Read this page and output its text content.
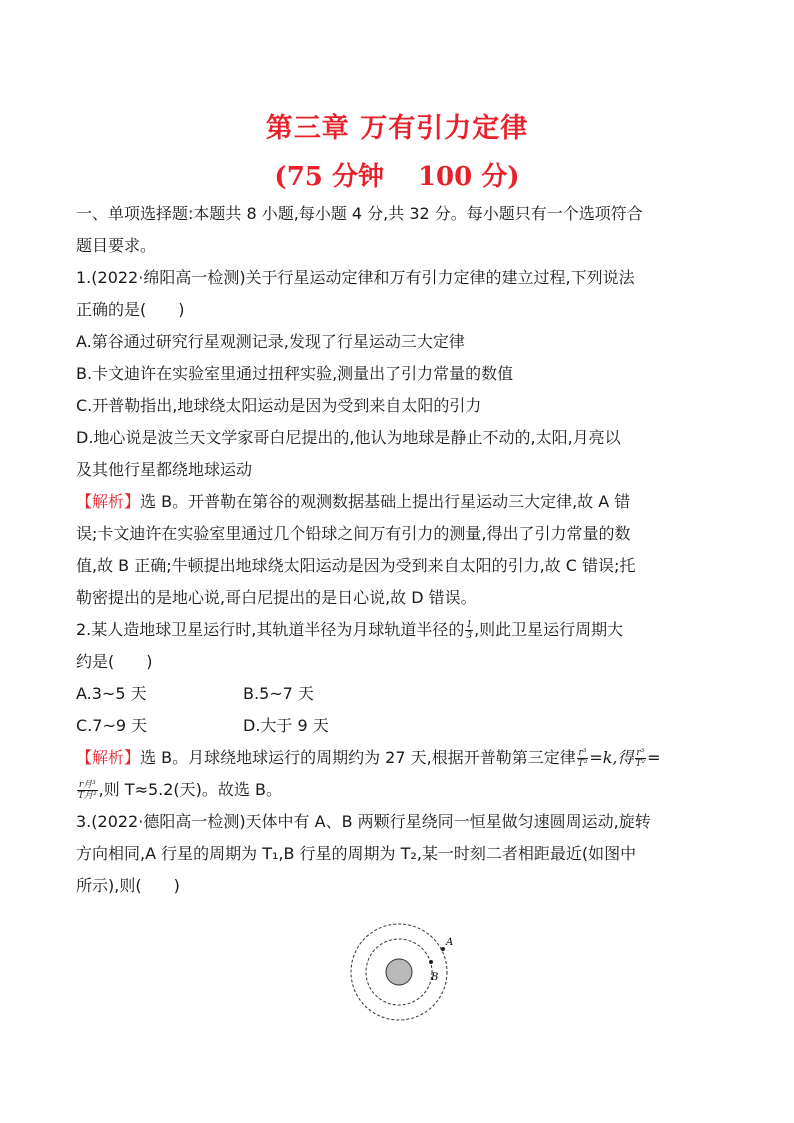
第三章 万有引力定律
(75 分钟 100 分)
一、单项选择题:本题共 8 小题,每小题 4 分,共 32 分。每小题只有一个选项符合
题目要求。
1.(2022·绵阳高一检测)关于行星运动定律和万有引力定律的建立过程,下列说法
正确的是(　　)
A.第谷通过研究行星观测记录,发现了行星运动三大定律
B.卡文迪许在实验室里通过扭秤实验,测量出了引力常量的数值
C.开普勒指出,地球绕太阳运动是因为受到来自太阳的引力
D.地心说是波兰天文学家哥白尼提出的,他认为地球是静止不动的,太阳,月亮以
及其他行星都绕地球运动
【解析】选 B。开普勒在第谷的观测数据基础上提出行星运动三大定律,故 A 错
误;卡文迪许在实验室里通过几个铅球之间万有引力的测量,得出了引力常量的数
值,故 B 正确;牛顿提出地球绕太阳运动是因为受到来自太阳的引力,故 C 错误;托
勒密提出的是地心说,哥白尼提出的是日心说,故 D 错误。
2.某人造地球卫星运行时,其轨道半径为月球轨道半径的 $\frac{1}{3}$ ,则此卫星运行周期大
约是(　　)
A.3~5 天	B.5~7 天
C.7~9 天	D.大于 9 天
【解析】选 B。月球绕地球运行的周期约为 27 天,根据开普勒第三定律 $\frac{\text{r³}}{\text{T²}} =k$,得 $\frac{\text{r³}}{\text{T²}}$ =
$\frac{\text{r月³}}{\text{T月²}}$ ,则 T≈5.2(天)。故选 B。
3.(2022·德阳高一检测)天体中有 A、B 两颗行星绕同一恒星做匀速圆周运动,旋转
方向相同,A 行星的周期为 T₁,B 行星的周期为 T₂,某一时刻二者相距最近(如图中
所示),则(　　)
A
B
